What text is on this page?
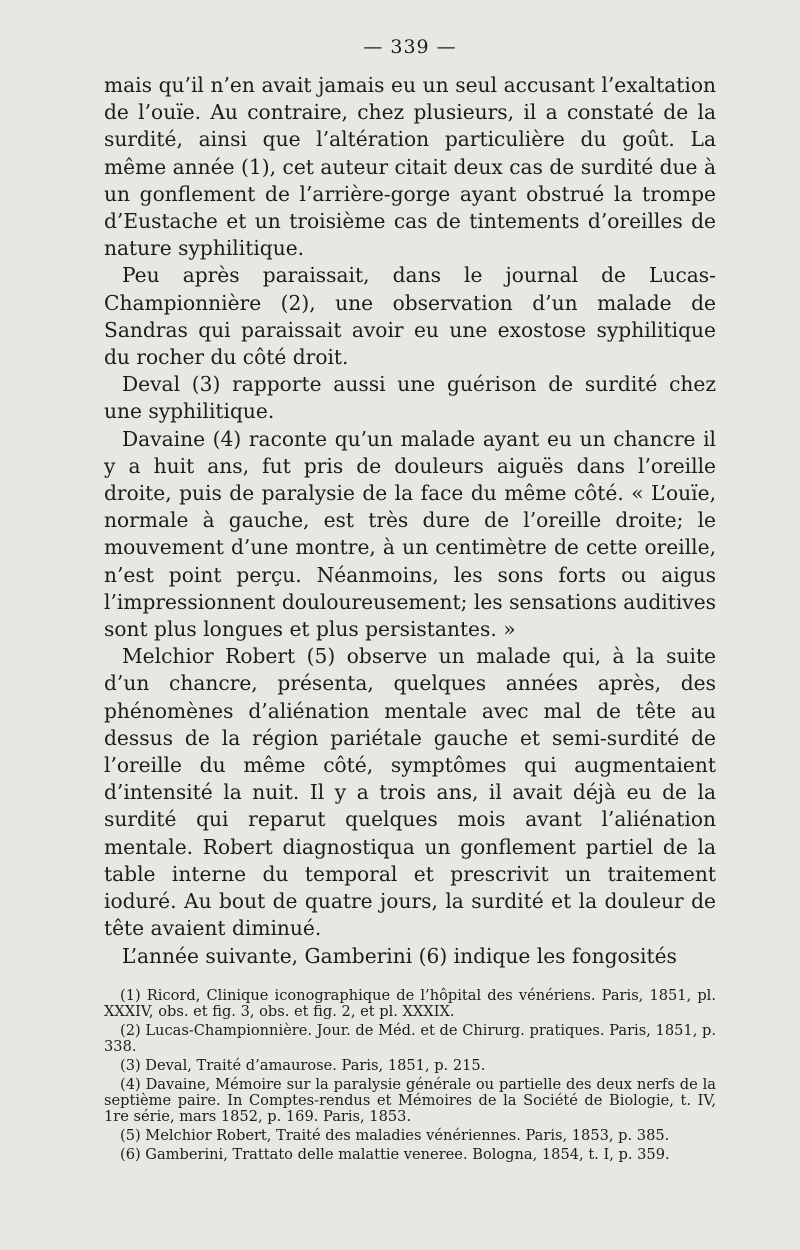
— 339 —

mais qu’il n’en avait jamais eu un seul accusant l’exaltation de l’ouïe. Au contraire, chez plusieurs, il a constaté de la surdité, ainsi que l’altération particulière du goût. La même année (1), cet auteur citait deux cas de surdité due à un gonflement de l’arrière-gorge ayant obstrué la trompe d’Eustache et un troisième cas de tintements d’oreilles de nature syphilitique.

Peu après paraissait, dans le journal de Lucas-Championnière (2), une observation d’un malade de Sandras qui paraissait avoir eu une exostose syphilitique du rocher du côté droit.

Deval (3) rapporte aussi une guérison de surdité chez une syphilitique.

Davaine (4) raconte qu’un malade ayant eu un chancre il y a huit ans, fut pris de douleurs aiguës dans l’oreille droite, puis de paralysie de la face du même côté. « L’ouïe, normale à gauche, est très dure de l’oreille droite; le mouvement d’une montre, à un centimètre de cette oreille, n’est point perçu. Néanmoins, les sons forts ou aigus l’impressionnent douloureusement; les sensations auditives sont plus longues et plus persistantes. »

Melchior Robert (5) observe un malade qui, à la suite d’un chancre, présenta, quelques années après, des phénomènes d’aliénation mentale avec mal de tête au dessus de la région pariétale gauche et semi-surdité de l’oreille du même côté, symptômes qui augmentaient d’intensité la nuit. Il y a trois ans, il avait déjà eu de la surdité qui reparut quelques mois avant l’aliénation mentale. Robert diagnostiqua un gonflement partiel de la table interne du temporal et prescrivit un traitement ioduré. Au bout de quatre jours, la surdité et la douleur de tête avaient diminué.

L’année suivante, Gamberini (6) indique les fongosités

(1) Ricord, Clinique iconographique de l’hôpital des vénériens. Paris, 1851, pl. XXXIV, obs. et fig. 3, obs. et fig. 2, et pl. XXXIX.

(2) Lucas-Championnière. Jour. de Méd. et de Chirurg. pratiques. Paris, 1851, p. 338.

(3) Deval, Traité d’amaurose. Paris, 1851, p. 215.

(4) Davaine, Mémoire sur la paralysie générale ou partielle des deux nerfs de la septième paire. In Comptes-rendus et Mémoires de la Société de Biologie, t. IV, 1re série, mars 1852, p. 169. Paris, 1853.

(5) Melchior Robert, Traité des maladies vénériennes. Paris, 1853, p. 385.

(6) Gamberini, Trattato delle malattie veneree. Bologna, 1854, t. I, p. 359.
